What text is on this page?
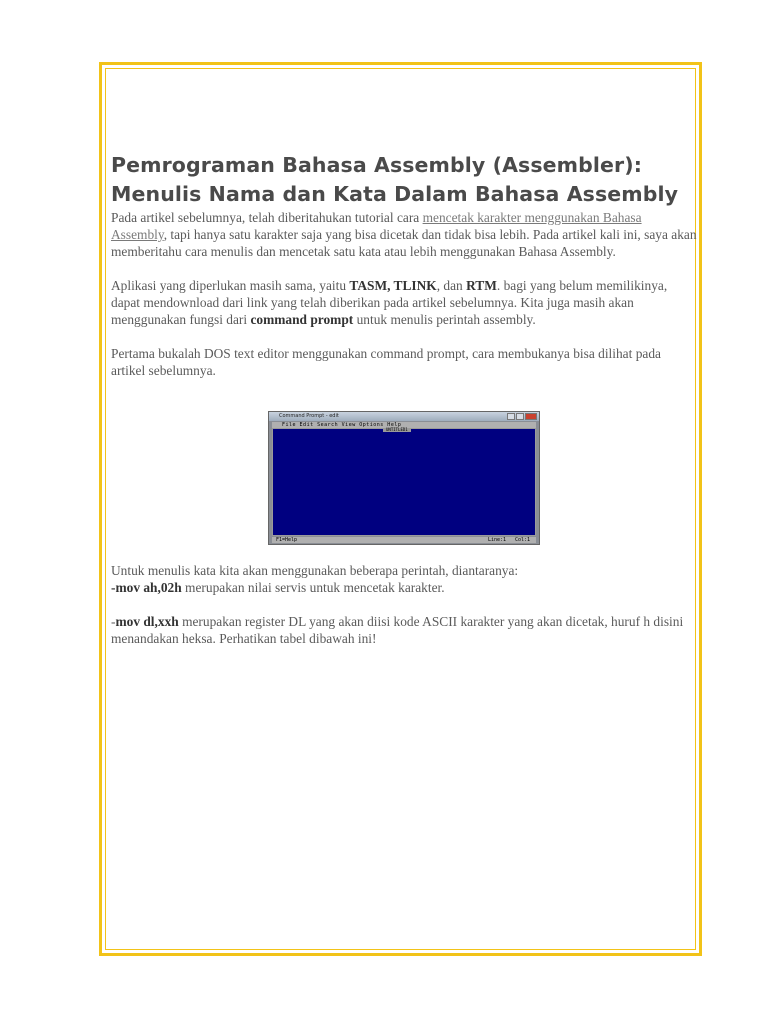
Pemrograman Bahasa Assembly (Assembler): Menulis Nama dan Kata Dalam Bahasa Assembly

Pada artikel sebelumnya, telah diberitahukan tutorial cara mencetak karakter menggunakan Bahasa Assembly, tapi hanya satu karakter saja yang bisa dicetak dan tidak bisa lebih. Pada artikel kali ini, saya akan memberitahu cara menulis dan mencetak satu kata atau lebih menggunakan Bahasa Assembly.

Aplikasi yang diperlukan masih sama, yaitu TASM, TLINK, dan RTM. bagi yang belum memilikinya, dapat mendownload dari link yang telah diberikan pada artikel sebelumnya. Kita juga masih akan menggunakan fungsi dari command prompt untuk menulis perintah assembly.

Pertama bukalah DOS text editor menggunakan command prompt, cara membukanya bisa dilihat pada artikel sebelumnya.

Command Prompt - edit
File Edit Search View Options Help
UNTITLED1
F1=Help	Line:1 Col:1

Untuk menulis kata kita akan menggunakan beberapa perintah, diantaranya:

-mov ah,02h merupakan nilai servis untuk mencetak karakter.

-mov dl,xxh merupakan register DL yang akan diisi kode ASCII karakter yang akan dicetak, huruf h disini menandakan heksa. Perhatikan tabel dibawah ini!
